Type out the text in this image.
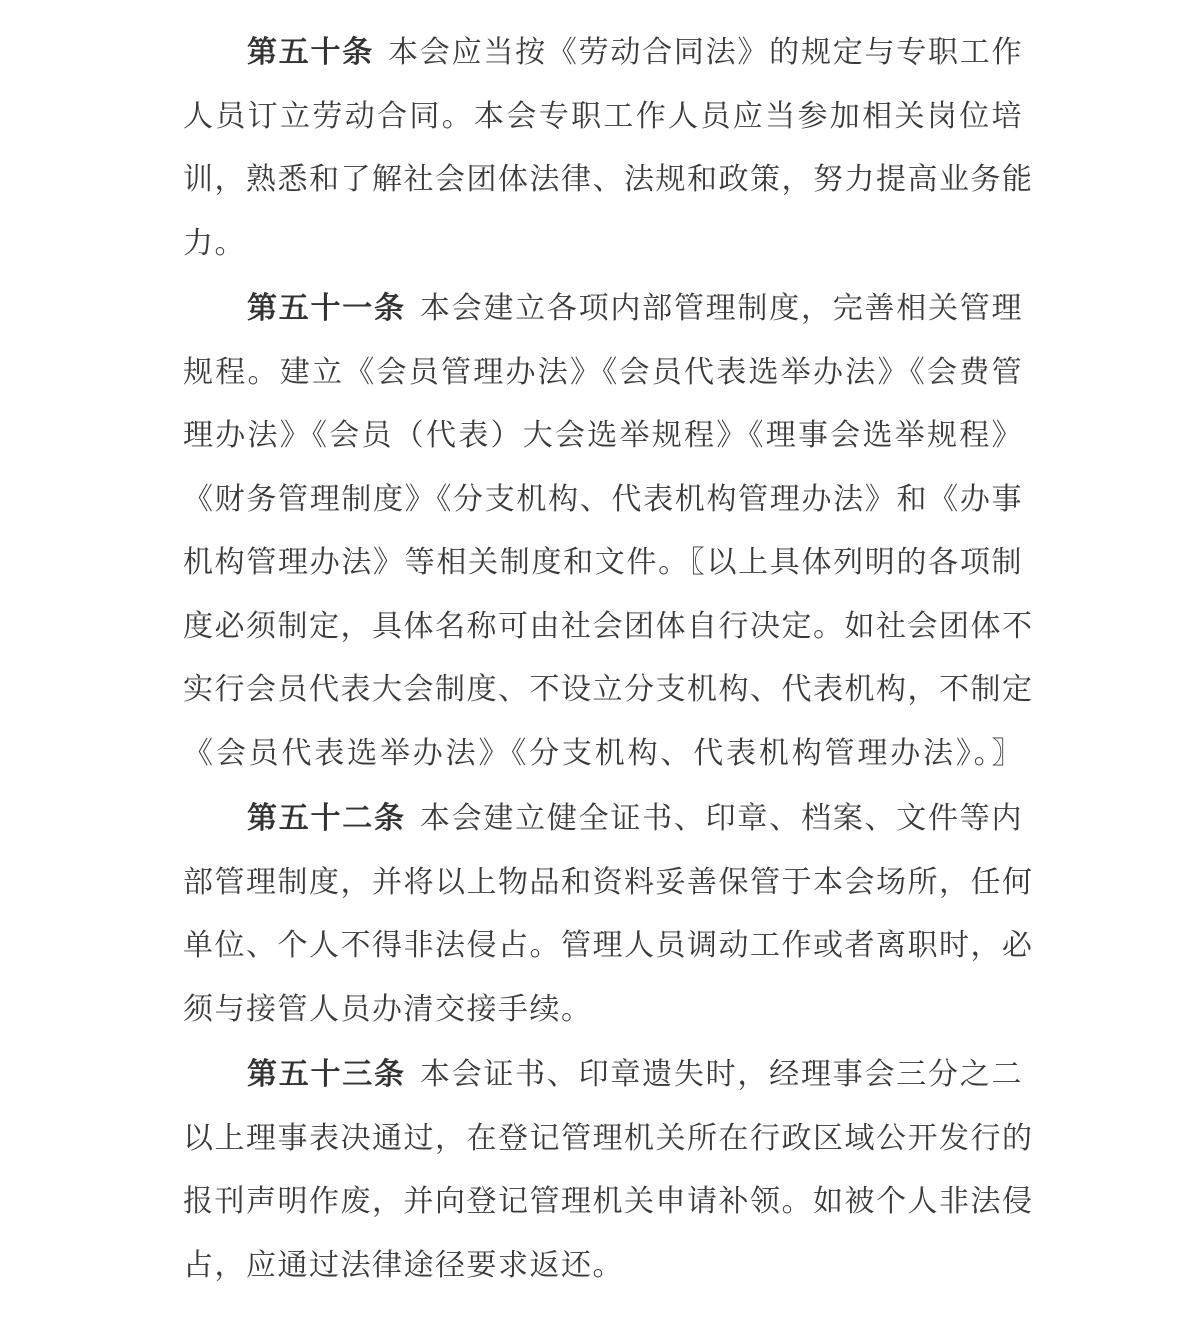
第五十条 本会应当按《劳动合同法》的规定与专职工作
人员订立劳动合同。本会专职工作人员应当参加相关岗位培
训，熟悉和了解社会团体法律、法规和政策，努力提高业务能
力。
第五十一条 本会建立各项内部管理制度，完善相关管理
规程。建立《会员管理办法》《会员代表选举办法》《会费管
理办法》《会员（代表）大会选举规程》《理事会选举规程》
《财务管理制度》《分支机构、代表机构管理办法》和《办事
机构管理办法》等相关制度和文件。〖以上具体列明的各项制
度必须制定，具体名称可由社会团体自行决定。如社会团体不
实行会员代表大会制度、不设立分支机构、代表机构，不制定
《会员代表选举办法》《分支机构、代表机构管理办法》。〗
第五十二条 本会建立健全证书、印章、档案、文件等内
部管理制度，并将以上物品和资料妥善保管于本会场所，任何
单位、个人不得非法侵占。管理人员调动工作或者离职时，必
须与接管人员办清交接手续。
第五十三条 本会证书、印章遗失时，经理事会三分之二
以上理事表决通过，在登记管理机关所在行政区域公开发行的
报刊声明作废，并向登记管理机关申请补领。如被个人非法侵
占，应通过法律途径要求返还。
